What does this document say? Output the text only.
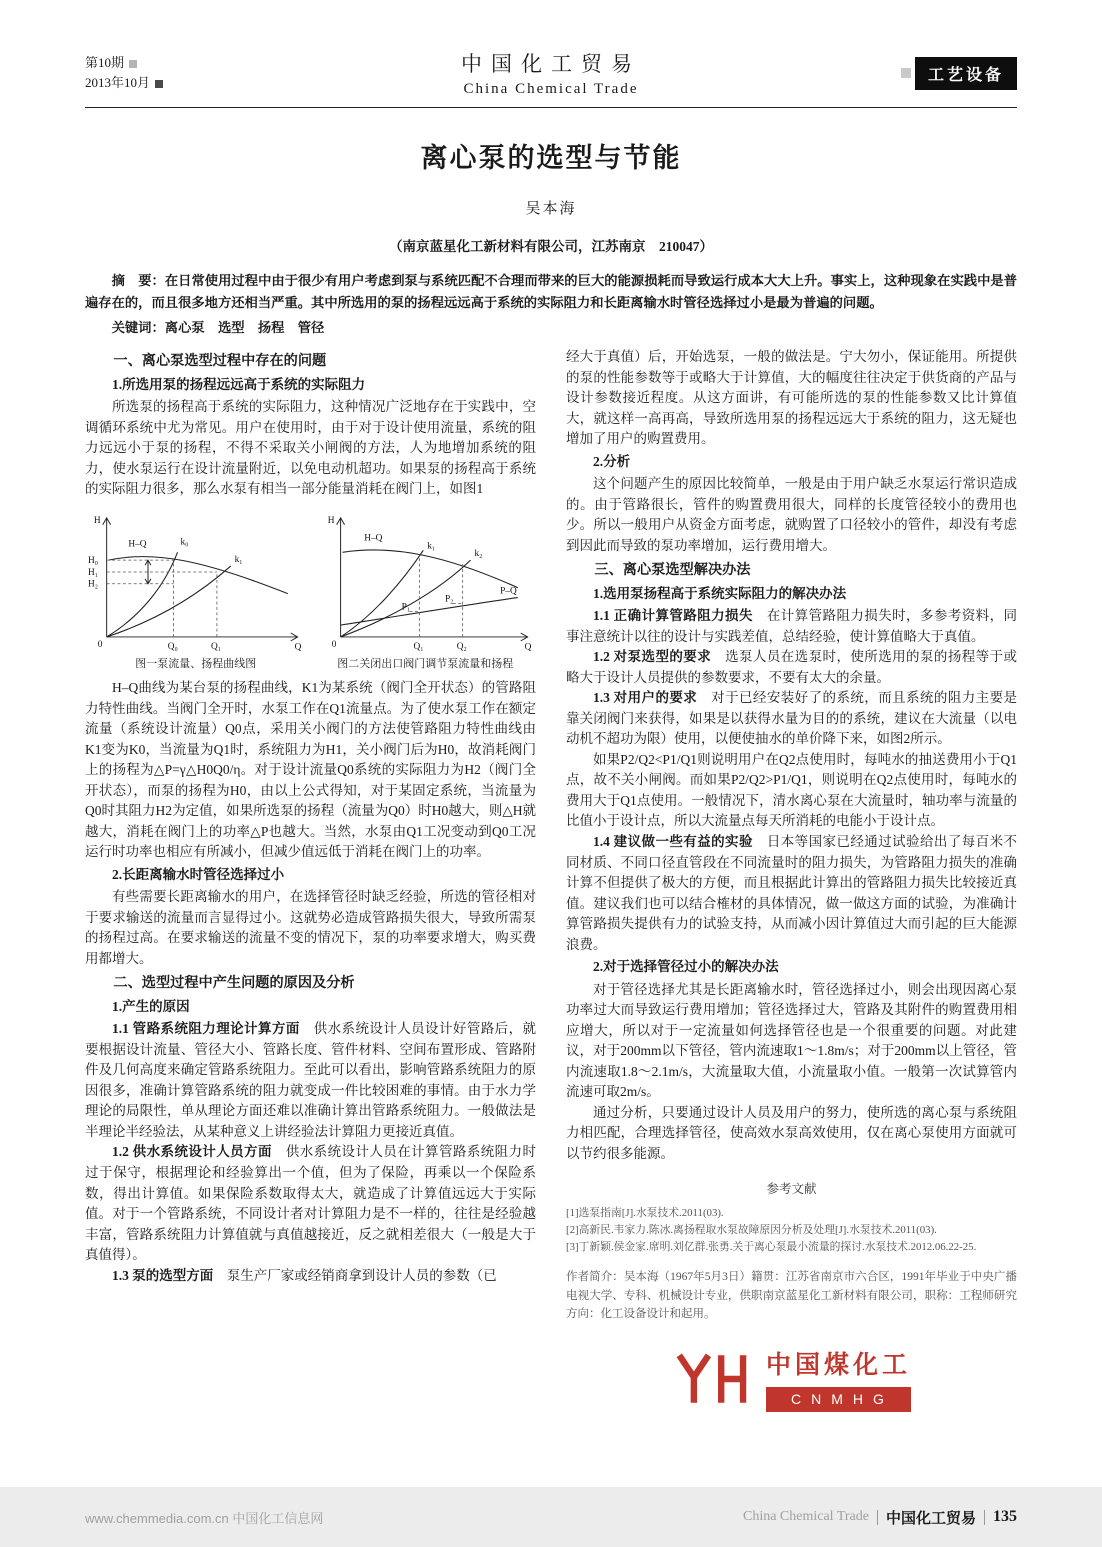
第10期
2013年10月
中国化工贸易
China Chemical Trade
工艺设备
离心泵的选型与节能
吴本海
（南京蓝星化工新材料有限公司，江苏南京　210047）
摘　要：在日常使用过程中由于很少有用户考虑到泵与系统匹配不合理而带来的巨大的能源损耗而导致运行成本大大上升。事实上，这种现象在实践中是普遍存在的，而且很多地方还相当严重。其中所选用的泵的扬程远远高于系统的实际阻力和长距离输水时管径选择过小是最为普遍的问题。
关键词：离心泵　选型　扬程　管径
一、离心泵选型过程中存在的问题
1.所选用泵的扬程远远高于系统的实际阻力

所选泵的扬程高于系统的实际阻力，这种情况广泛地存在于实践中，空调循环系统中尤为常见。用户在使用时，由于对于设计使用流量，系统的阻力远远小于泵的扬程，不得不采取关小闸阀的方法，人为地增加系统的阻力，使水泵运行在设计流量附近，以免电动机超功。如果泵的扬程高于系统的实际阻力很多，那么水泵有相当一部分能量消耗在阀门上，如图1

H
Q
0
H–Q	k₀
k₁
H₀
H₁
H₂
Q₀	Q₁
图一泵流量、扬程曲线图
H
Q
0
H–Q
k₁
k₂
P–Q
P₁
P₂
Q₁	Q₂
图二关闭出口阀门调节泵流量和扬程

H–Q曲线为某台泵的扬程曲线，K1为某系统（阀门全开状态）的管路阻力特性曲线。当阀门全开时，水泵工作在Q1流量点。为了使水泵工作在额定流量（系统设计流量）Q0点，采用关小阀门的方法使管路阻力特性曲线由K1变为K0，当流量为Q1时，系统阻力为H1，关小阀门后为H0，故消耗阀门上的扬程为△P=γ△H0Q0/η。对于设计流量Q0系统的实际阻力为H2（阀门全开状态），而泵的扬程为H0，由以上公式得知，对于某固定系统，当流量为Q0时其阻力H2为定值，如果所选泵的扬程（流量为Q0）时H0越大，则△H就越大，消耗在阀门上的功率△P也越大。当然，水泵由Q1工况变动到Q0工况运行时功率也相应有所减小，但减少值远低于消耗在阀门上的功率。

2.长距离输水时管径选择过小

有些需要长距离输水的用户，在选择管径时缺乏经验，所选的管径相对于要求输送的流量而言显得过小。这就势必造成管路损失很大，导致所需泵的扬程过高。在要求输送的流量不变的情况下，泵的功率要求增大，购买费用都增大。

二、选型过程中产生问题的原因及分析
1.产生的原因

1.1 管路系统阻力理论计算方面　供水系统设计人员设计好管路后，就要根据设计流量、管径大小、管路长度、管件材料、空间布置形成、管路附件及几何高度来确定管路系统阻力。至此可以看出，影响管路系统阻力的原因很多，准确计算管路系统的阻力就变成一件比较困难的事情。由于水力学理论的局限性，单从理论方面还难以准确计算出管路系统阻力。一般做法是半理论半经验法，从某种意义上讲经验法计算阻力更接近真值。

1.2 供水系统设计人员方面　供水系统设计人员在计算管路系统阻力时过于保守，根据理论和经验算出一个值，但为了保险，再乘以一个保险系数，得出计算值。如果保险系数取得太大，就造成了计算值远远大于实际值。对于一个管路系统，不同设计者对计算阻力是不一样的，往往是经验越丰富，管路系统阻力计算值就与真值越接近，反之就相差很大（一般是大于真值得）。

1.3 泵的选型方面　泵生产厂家或经销商拿到设计人员的参数（已

经大于真值）后，开始选泵，一般的做法是。宁大勿小，保证能用。所提供的泵的性能参数等于或略大于计算值，大的幅度往往决定于供货商的产品与设计参数接近程度。从这方面讲，有可能所选的泵的性能参数又比计算值大，就这样一高再高，导致所选用泵的扬程远远大于系统的阻力，这无疑也增加了用户的购置费用。

2.分析

这个问题产生的原因比较简单，一般是由于用户缺乏水泵运行常识造成的。由于管路很长，管件的购置费用很大，同样的长度管径较小的费用也少。所以一般用户从资金方面考虑，就购置了口径较小的管件，却没有考虑到因此而导致的泵功率增加，运行费用增大。

三、离心泵选型解决办法
1.选用泵扬程高于系统实际阻力的解决办法

1.1 正确计算管路阻力损失　在计算管路阻力损失时，多参考资料，同事注意统计以往的设计与实践差值，总结经验，使计算值略大于真值。

1.2 对泵选型的要求　选泵人员在选泵时，使所选用的泵的扬程等于或略大于设计人员提供的参数要求，不要有太大的余量。

1.3 对用户的要求　对于已经安装好了的系统，而且系统的阻力主要是靠关闭阀门来获得，如果是以获得水量为目的的系统，建议在大流量（以电动机不超功为限）使用，以便使抽水的单价降下来，如图2所示。

如果P2/Q2<P1/Q1则说明用户在Q2点使用时，每吨水的抽送费用小于Q1点，故不关小闸阀。而如果P2/Q2>P1/Q1，则说明在Q2点使用时，每吨水的费用大于Q1点使用。一般情况下，清水离心泵在大流量时，轴功率与流量的比值小于设计点，所以大流量点每天所消耗的电能小于设计点。

1.4 建议做一些有益的实验　日本等国家已经通过试验给出了每百米不同材质、不同口径直管段在不同流量时的阻力损失，为管路阻力损失的准确计算不但提供了极大的方便，而且根据此计算出的管路阻力损失比较接近真值。建议我们也可以结合榷材的具体情况，做一做这方面的试验，为准确计算管路损失提供有力的试验支持，从而减小因计算值过大而引起的巨大能源浪费。

2.对于选择管径过小的解决办法

对于管径选择尤其是长距离输水时，管径选择过小，则会出现因离心泵功率过大而导致运行费用增加；管径选择过大，管路及其附件的购置费用相应增大，所以对于一定流量如何选择管径也是一个很重要的问题。对此建议，对于200mm以下管径，管内流速取1～1.8m/s；对于200mm以上管径，管内流速取1.8～2.1m/s，大流量取大值，小流量取小值。一般第一次试算管内流速可取2m/s。

通过分析，只要通过设计人员及用户的努力，使所选的离心泵与系统阻力相匹配，合理选择管径，使高效水泵高效使用，仅在离心泵使用方面就可以节约很多能源。

参考文献
[1]选泵指南[J].水泵技术.2011(03).
[2]高新民.韦家力.陈冰.离扬程取水泵故障原因分析及处理[J].水泵技术.2011(03).
[3]丁新颖.侯金家.席明.刘亿群.张勇.关于离心泵最小流量的探讨.水泵技术.2012.06.22-25.
作者简介：吴本海（1967年5月3日）籍贯：江苏省南京市六合区，1991年毕业于中央广播电视大学、专科、机械设计专业，供职南京蓝星化工新材料有限公司，职称：工程师研究方向：化工设备设计和起用。
中国煤化工
CNMHG
www.chemmedia.com.cn 中国化工信息网	China Chemical Trade 中国化工贸易 135
